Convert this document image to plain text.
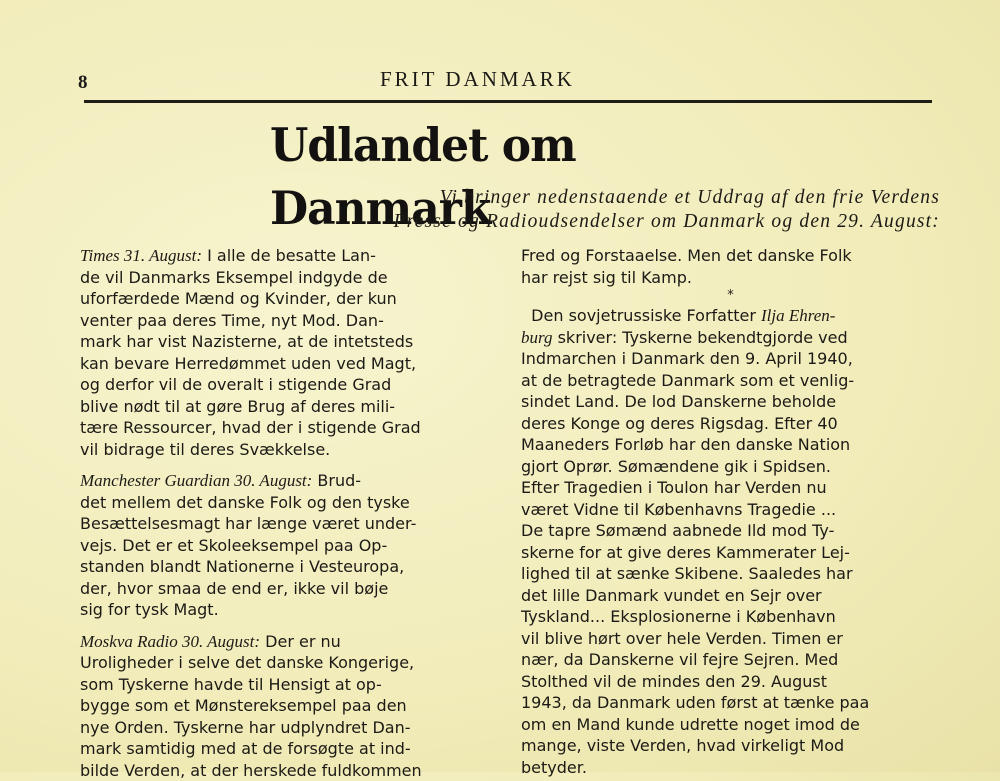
8	FRIT DANMARK
Udlandet om Danmark
Vi bringer nedenstaaende et Uddrag af den frie Verdens
Presse og Radioudsendelser om Danmark og den 29. August:
Times 31. August: I alle de besatte Lan-
de vil Danmarks Eksempel indgyde de
uforfærdede Mænd og Kvinder, der kun
venter paa deres Time, nyt Mod. Dan-
mark har vist Nazisterne, at de intetsteds
kan bevare Herredømmet uden ved Magt,
og derfor vil de overalt i stigende Grad
blive nødt til at gøre Brug af deres mili-
tære Ressourcer, hvad der i stigende Grad
vil bidrage til deres Svækkelse.
Manchester Guardian 30. August: Brud-
det mellem det danske Folk og den tyske
Besættelsesmagt har længe været under-
vejs. Det er et Skoleeksempel paa Op-
standen blandt Nationerne i Vesteuropa,
der, hvor smaa de end er, ikke vil bøje
sig for tysk Magt.
Moskva Radio 30. August: Der er nu
Uroligheder i selve det danske Kongerige,
som Tyskerne havde til Hensigt at op-
bygge som et Mønstereksempel paa den
nye Orden. Tyskerne har udplyndret Dan-
mark samtidig med at de forsøgte at ind-
bilde Verden, at der herskede fuldkommen
Fred og Forstaaelse. Men det danske Folk
har rejst sig til Kamp.
*
Den sovjetrussiske Forfatter Ilja Ehren-
burg skriver: Tyskerne bekendtgjorde ved
Indmarchen i Danmark den 9. April 1940,
at de betragtede Danmark som et venlig-
sindet Land. De lod Danskerne beholde
deres Konge og deres Rigsdag. Efter 40
Maaneders Forløb har den danske Nation
gjort Oprør. Sømændene gik i Spidsen.
Efter Tragedien i Toulon har Verden nu
været Vidne til Københavns Tragedie ...
De tapre Sømænd aabnede Ild mod Ty-
skerne for at give deres Kammerater Lej-
lighed til at sænke Skibene. Saaledes har
det lille Danmark vundet en Sejr over
Tyskland... Eksplosionerne i København
vil blive hørt over hele Verden. Timen er
nær, da Danskerne vil fejre Sejren. Med
Stolthed vil de mindes den 29. August
1943, da Danmark uden først at tænke paa
om en Mand kunde udrette noget imod de
mange, viste Verden, hvad virkeligt Mod
betyder.
